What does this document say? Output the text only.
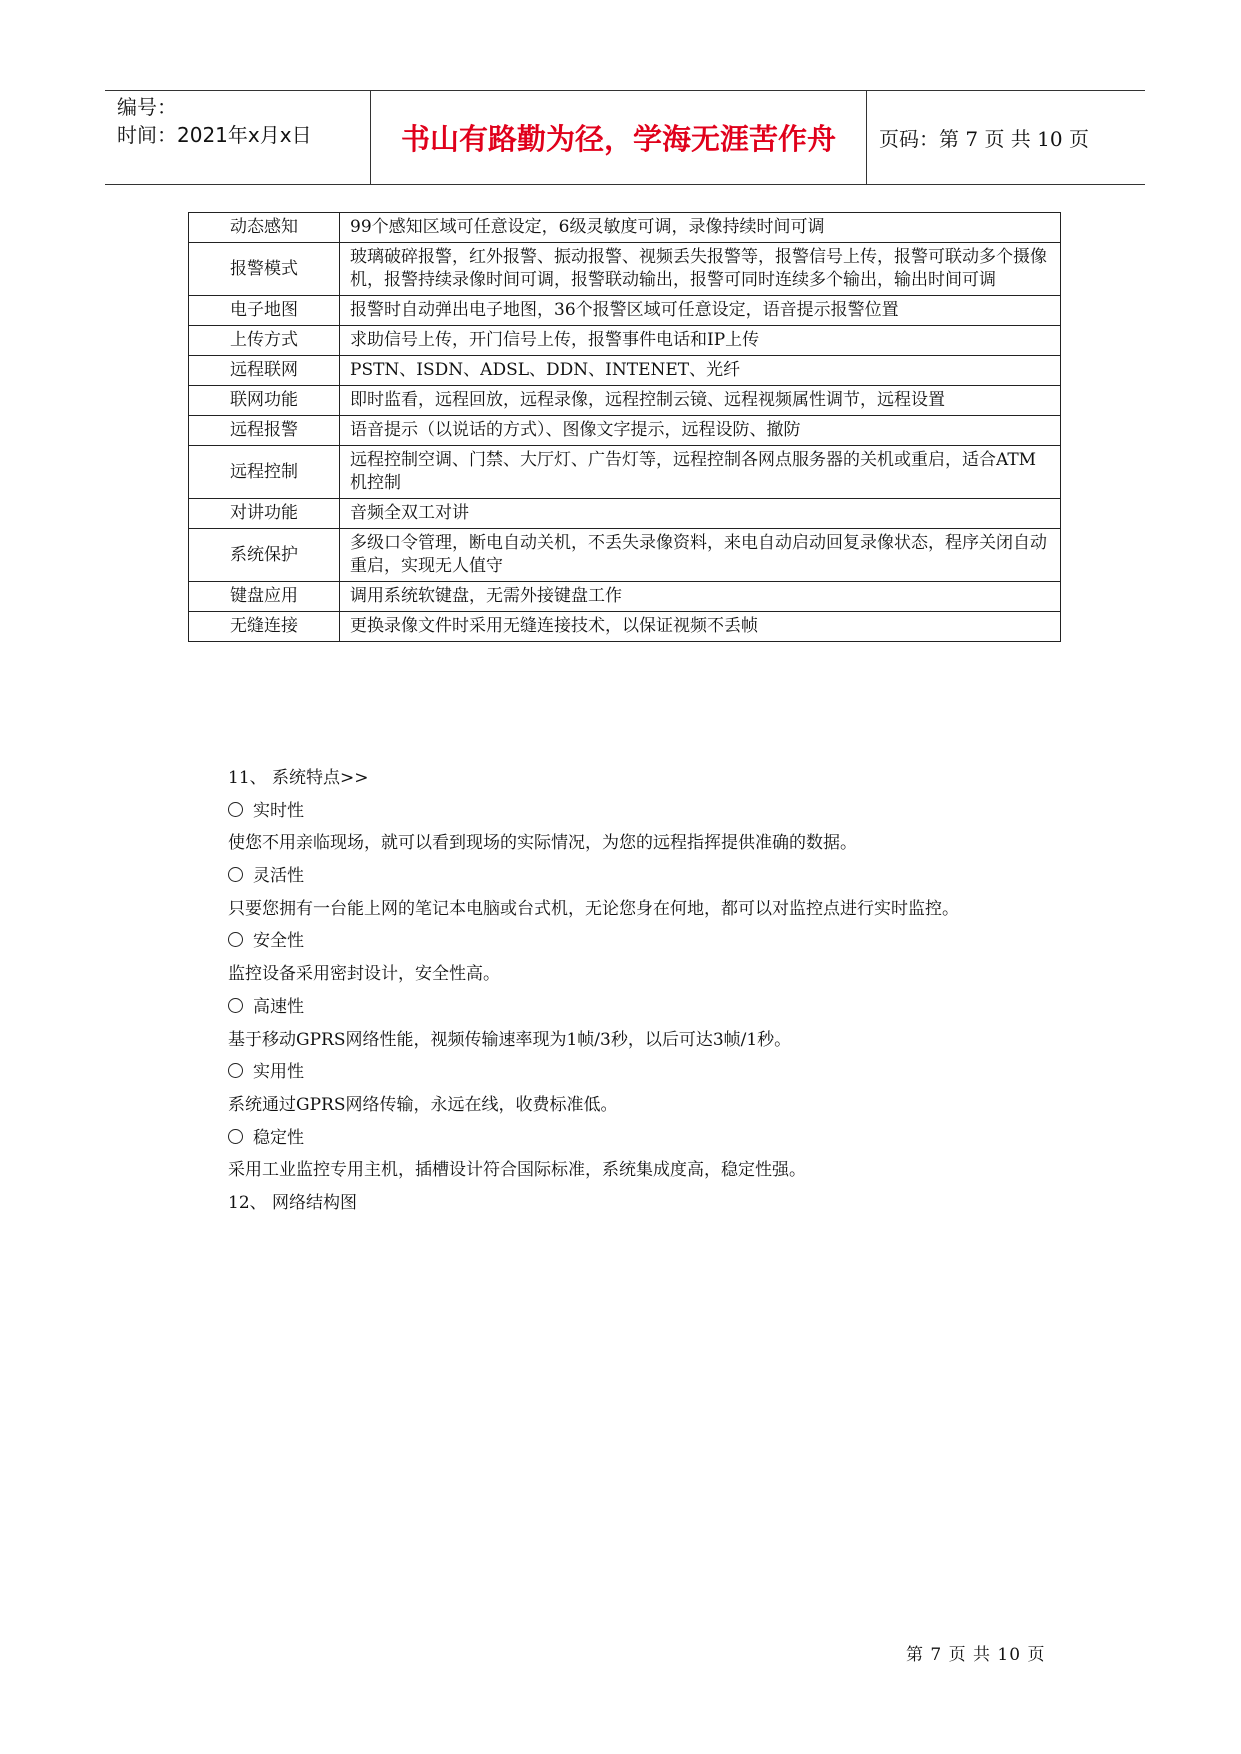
编号：
时间：2021年x月x日	书山有路勤为径，学海无涯苦作舟	页码：第 7 页 共 10 页
动态感知	99个感知区域可任意设定，6级灵敏度可调，录像持续时间可调
报警模式	玻璃破碎报警，红外报警、振动报警、视频丢失报警等，报警信号上传，报警可联动多个摄像机，报警持续录像时间可调，报警联动输出，报警可同时连续多个输出，输出时间可调
电子地图	报警时自动弹出电子地图，36个报警区域可任意设定，语音提示报警位置
上传方式	求助信号上传，开门信号上传，报警事件电话和IP上传
远程联网	PSTN、ISDN、ADSL、DDN、INTENET、光纤
联网功能	即时监看，远程回放，远程录像，远程控制云镜、远程视频属性调节，远程设置
远程报警	语音提示（以说话的方式）、图像文字提示，远程设防、撤防
远程控制	远程控制空调、门禁、大厅灯、广告灯等，远程控制各网点服务器的关机或重启，适合ATM机控制
对讲功能	音频全双工对讲
系统保护	多级口令管理，断电自动关机，不丢失录像资料，来电自动启动回复录像状态，程序关闭自动重启，实现无人值守
键盘应用	调用系统软键盘，无需外接键盘工作
无缝连接	更换录像文件时采用无缝连接技术，以保证视频不丢帧
11、 系统特点>>
实时性
使您不用亲临现场，就可以看到现场的实际情况，为您的远程指挥提供准确的数据。
灵活性
只要您拥有一台能上网的笔记本电脑或台式机，无论您身在何地，都可以对监控点进行实时监控。
安全性
监控设备采用密封设计，安全性高。
高速性
基于移动GPRS网络性能，视频传输速率现为1帧/3秒，以后可达3帧/1秒。
实用性
系统通过GPRS网络传输，永远在线，收费标准低。
稳定性
采用工业监控专用主机，插槽设计符合国际标准，系统集成度高，稳定性强。
12、 网络结构图
第 7 页 共 10 页
